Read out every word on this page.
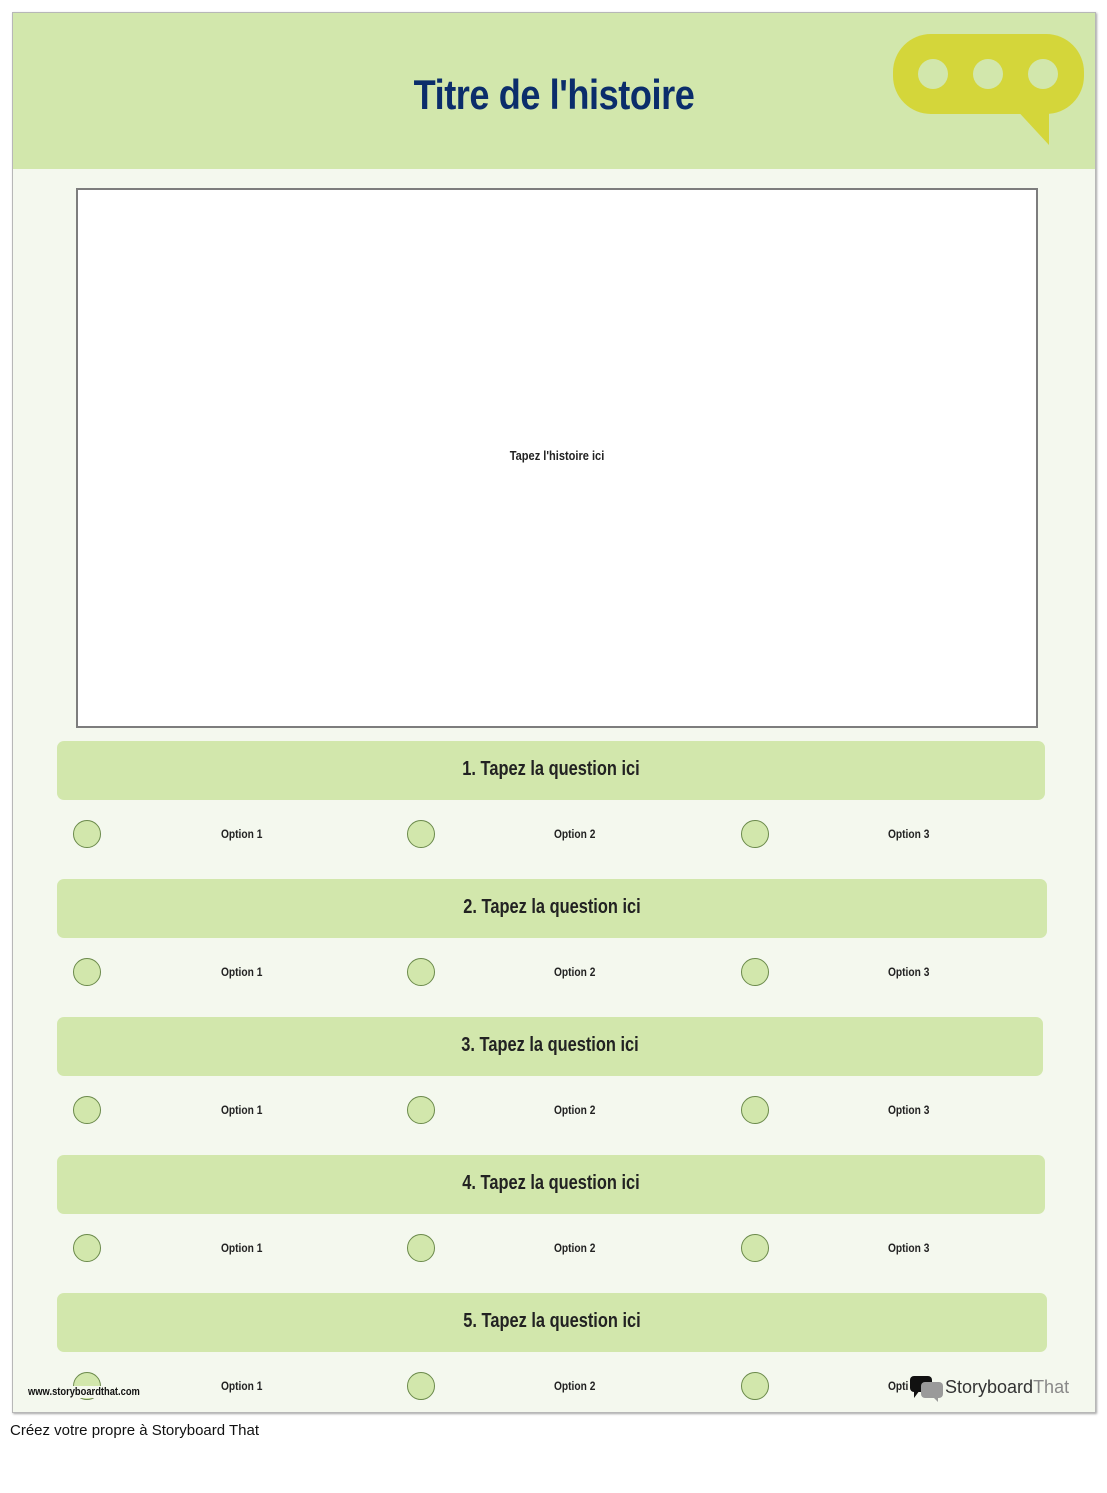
Titre de l'histoire
Tapez l'histoire ici
1. Tapez la question ici
Option 1	Option 2	Option 3
2. Tapez la question ici
Option 1	Option 2	Option 3
3. Tapez la question ici
Option 1	Option 2	Option 3
4. Tapez la question ici
Option 1	Option 2	Option 3
5. Tapez la question ici
Option 1	Option 2	Opti
www.storyboardthat.com	StoryboardThat
Créez votre propre à Storyboard That
